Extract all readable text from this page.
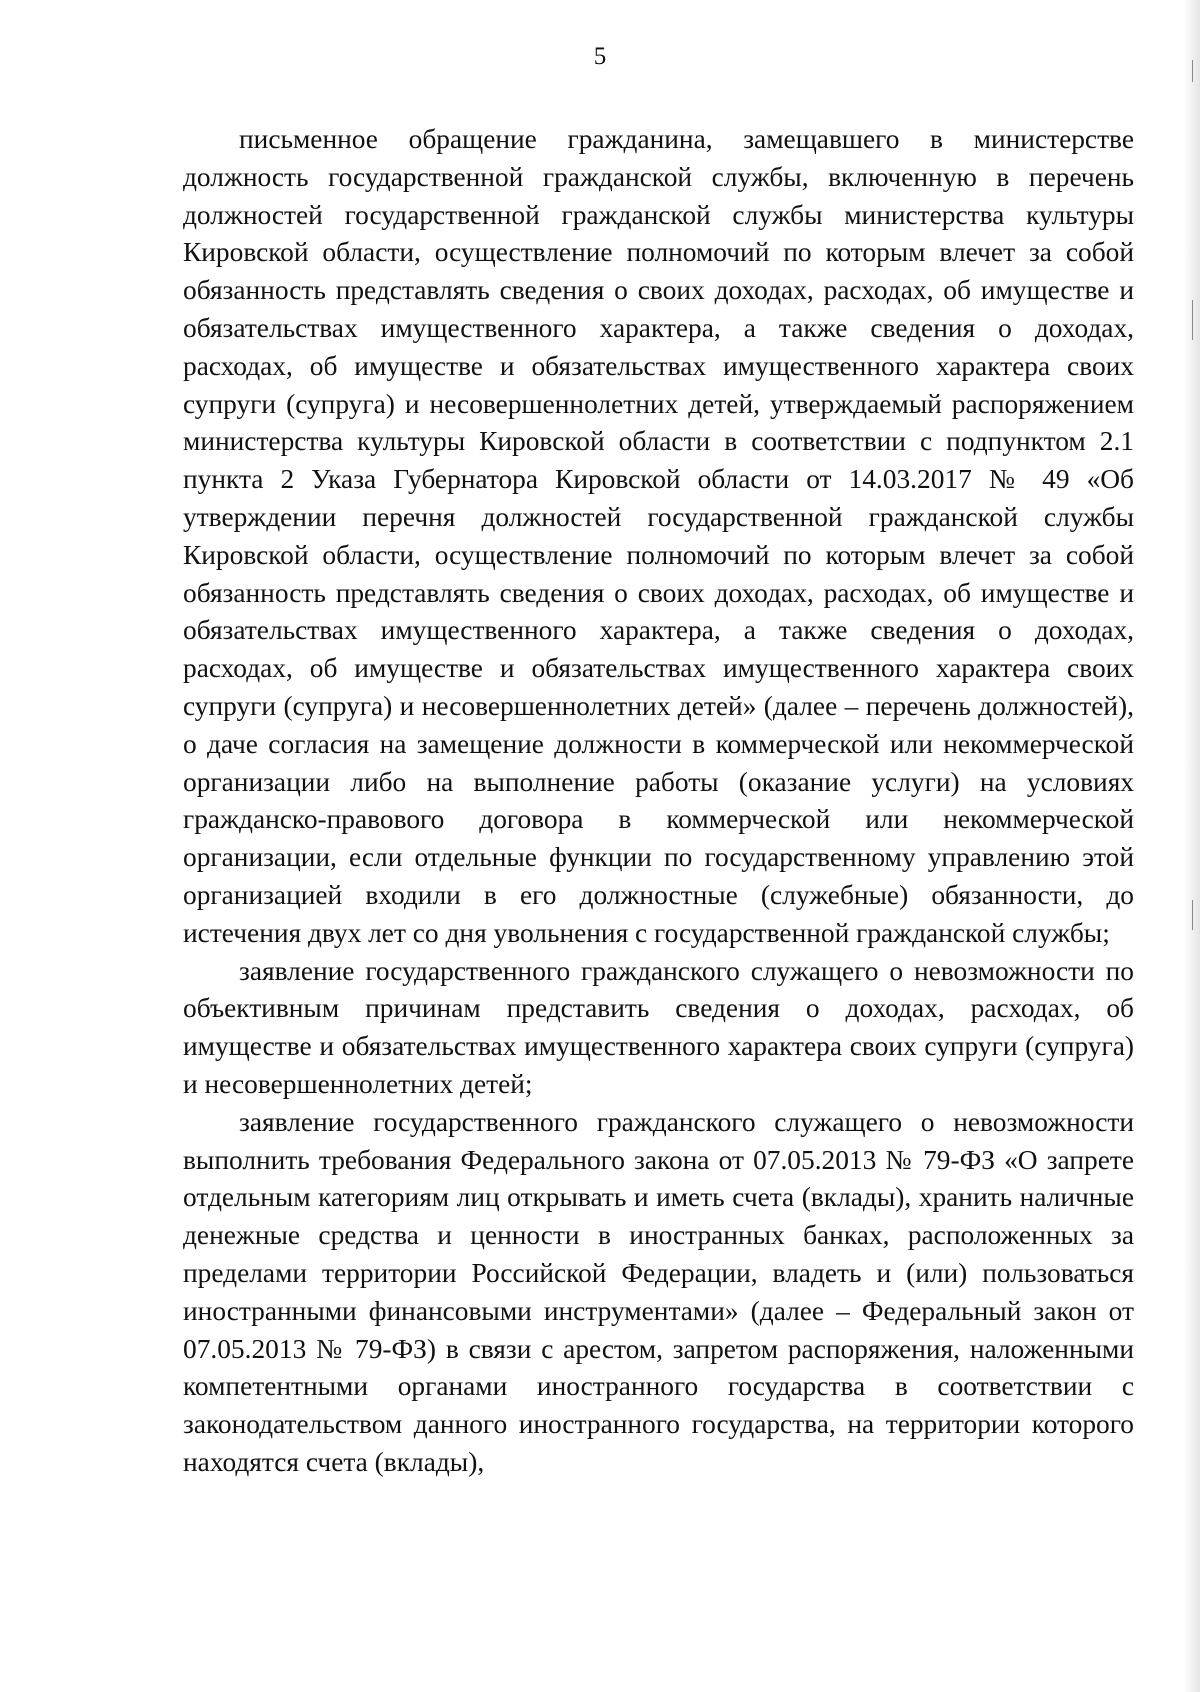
5

письменное обращение гражданина, замещавшего в министерстве должность государственной гражданской службы, включенную в перечень должностей государственной гражданской службы министерства культуры Кировской области, осуществление полномочий по которым влечет за собой обязанность представлять сведения о своих доходах, расходах, об имуществе и обязательствах имущественного характера, а также сведения о доходах, расходах, об имуществе и обязательствах имущественного характера своих супруги (супруга) и несовершеннолетних детей, утверждаемый распоряжением министерства культуры Кировской области в соответствии с подпунктом 2.1 пункта 2 Указа Губернатора Кировской области от 14.03.2017 № 49 «Об утверждении перечня должностей государственной гражданской службы Кировской области, осуществление полномочий по которым влечет за собой обязанность представлять сведения о своих доходах, расходах, об имуществе и обязательствах имущественного характера, а также сведения о доходах, расходах, об имуществе и обязательствах имущественного характера своих супруги (супруга) и несовершеннолетних детей» (далее – перечень должностей), о даче согласия на замещение должности в коммерческой или некоммерческой организации либо на выполнение работы (оказание услуги) на условиях гражданско-правового договора в коммерческой или некоммерческой организации, если отдельные функции по государственному управлению этой организацией входили в его должностные (служебные) обязанности, до истечения двух лет со дня увольнения с государственной гражданской службы;

заявление государственного гражданского служащего о невозможности по объективным причинам представить сведения о доходах, расходах, об имуществе и обязательствах имущественного характера своих супруги (супруга) и несовершеннолетних детей;

заявление государственного гражданского служащего о невозможности выполнить требования Федерального закона от 07.05.2013 № 79-ФЗ «О запрете отдельным категориям лиц открывать и иметь счета (вклады), хранить наличные денежные средства и ценности в иностранных банках, расположенных за пределами территории Российской Федерации, владеть и (или) пользоваться иностранными финансовыми инструментами» (далее – Федеральный закон от 07.05.2013 № 79-ФЗ) в связи с арестом, запретом распоряжения, наложенными компетентными органами иностранного государства в соответствии с законодательством данного иностранного государства, на территории которого находятся счета (вклады),
